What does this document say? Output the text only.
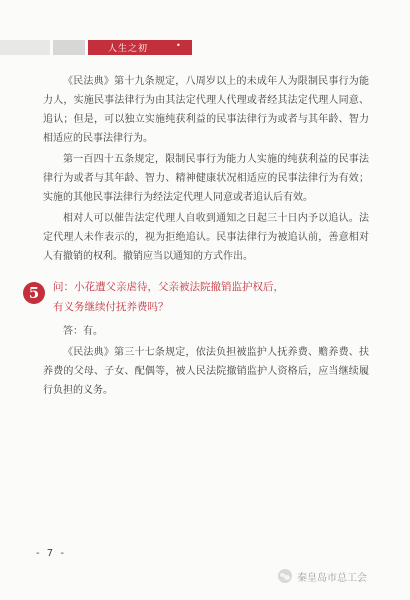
人生之初	•

《民法典》第十九条规定，八周岁以上的未成年人为限制民事行为能力人，实施民事法律行为由其法定代理人代理或者经其法定代理人同意、追认；但是，可以独立实施纯获利益的民事法律行为或者与其年龄、智力相适应的民事法律行为。

第一百四十五条规定，限制民事行为能力人实施的纯获利益的民事法律行为或者与其年龄、智力、精神健康状况相适应的民事法律行为有效；实施的其他民事法律行为经法定代理人同意或者追认后有效。

相对人可以催告法定代理人自收到通知之日起三十日内予以追认。法定代理人未作表示的，视为拒绝追认。民事法律行为被追认前，善意相对人有撤销的权利。撤销应当以通知的方式作出。

5	问：小花遭父亲虐待，父亲被法院撤销监护权后，
有义务继续付抚养费吗？

答：有。

《民法典》第三十七条规定，依法负担被监护人抚养费、赡养费、扶养费的父母、子女、配偶等，被人民法院撤销监护人资格后，应当继续履行负担的义务。

- 7 -
秦皇岛市总工会
